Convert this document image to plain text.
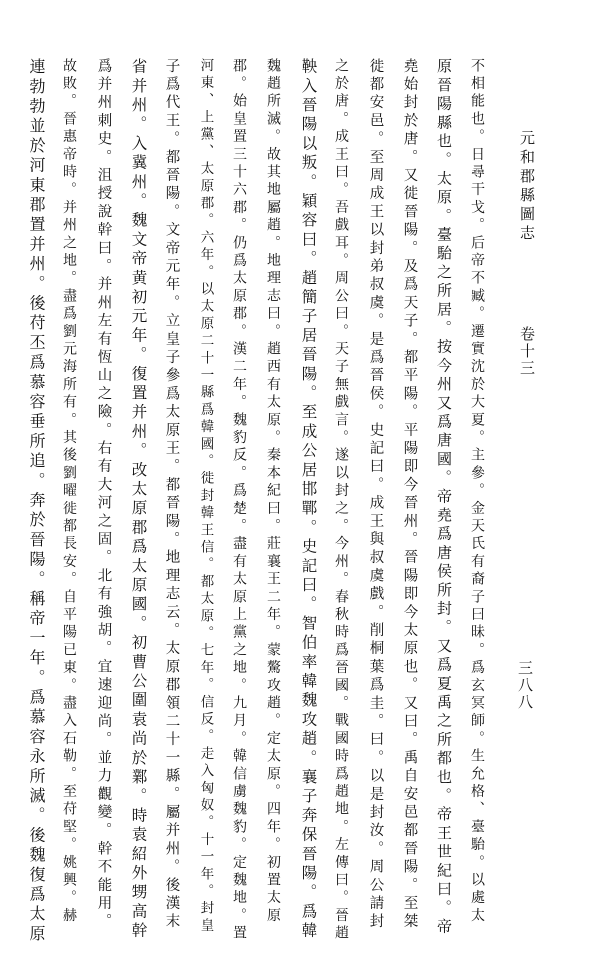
元和郡縣圖志
卷十三
三八八
不相能也。日尋干戈。后帝不臧。遷實沈於大夏。主參。金天氏有裔子曰昧。爲玄冥師。生允格、臺駘。以處太
原晉陽縣也。太原。臺駘之所居。按今州又爲唐國。帝堯爲唐侯所封。又爲夏禹之所都也。帝王世紀曰。帝
堯始封於唐。又徙晉陽。及爲天子。都平陽。平陽即今晉州。晉陽即今太原也。又曰。禹自安邑都晉陽。至桀
徙都安邑。至周成王以封弟叔虞。是爲晉侯。史記曰。成王與叔虞戲。削桐葉爲圭。曰。以是封汝。周公請封
之於唐。成王曰。吾戲耳。周公曰。天子無戲言。遂以封之。今州。春秋時爲晉國。戰國時爲趙地。左傳曰。晉趙
鞅入晉陽以叛。穎容曰。趙簡子居晉陽。至成公居邯鄲。史記曰。智伯率韓魏攻趙。襄子奔保晉陽。爲韓
魏趙所滅。故其地屬趙。地理志曰。趙西有太原。秦本紀曰。莊襄王二年。蒙驁攻趙。定太原。四年。初置太原
郡。始皇置三十六郡。仍爲太原郡。漢二年。魏豹反。爲楚。盡有太原上黨之地。九月。韓信虜魏豹。定魏地。置
河東、上黨、太原郡。六年。以太原二十一縣爲韓國。徙封韓王信。都太原。七年。信反。走入匈奴。十一年。封皇
子爲代王。都晉陽。文帝元年。立皇子參爲太原王。都晉陽。地理志云。太原郡領二十一縣。屬并州。後漢末
省并州。入冀州。魏文帝黄初元年。復置并州。改太原郡爲太原國。初曹公圍袁尚於鄴。時袁紹外甥高幹
爲并州刺史。沮授說幹曰。并州左有恆山之險。右有大河之固。北有強胡。宜速迎尚。並力觀變。幹不能用。
故敗。晉惠帝時。并州之地。盡爲劉元海所有。其後劉曜徙都長安。自平陽已東。盡入石勒。至苻堅。姚興。赫
連勃勃並於河東郡置并州。後苻丕爲慕容垂所追。奔於晉陽。稱帝一年。爲慕容永所滅。後魏復爲太原
